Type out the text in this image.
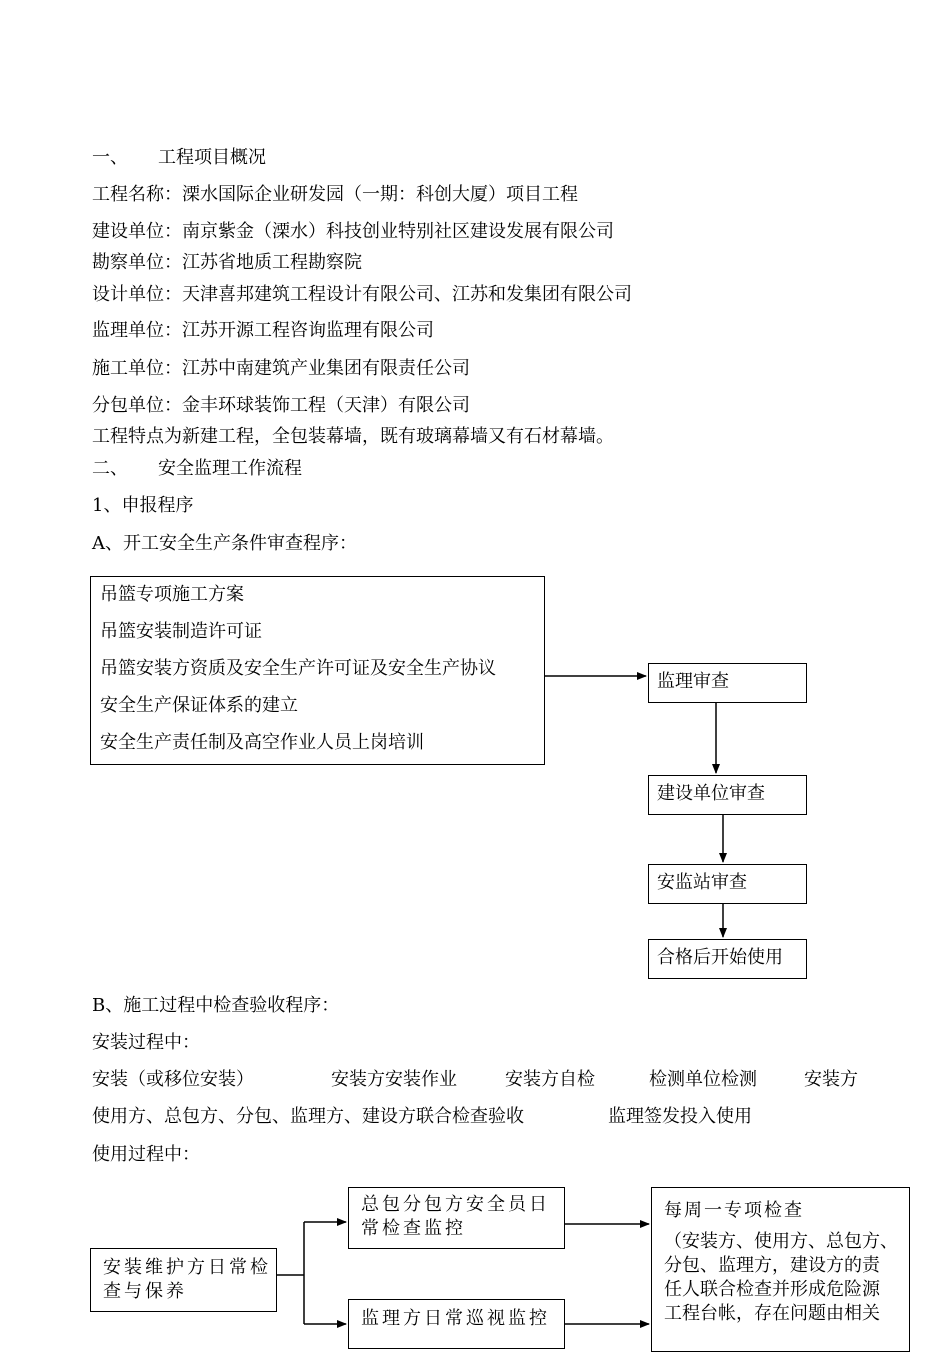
一、 工程项目概况
工程名称：溧水国际企业研发园（一期：科创大厦）项目工程
建设单位：南京紫金（溧水）科技创业特别社区建设发展有限公司
勘察单位：江苏省地质工程勘察院
设计单位：天津喜邦建筑工程设计有限公司、江苏和发集团有限公司
监理单位：江苏开源工程咨询监理有限公司
施工单位：江苏中南建筑产业集团有限责任公司
分包单位：金丰环球装饰工程（天津）有限公司
工程特点为新建工程，全包装幕墙，既有玻璃幕墙又有石材幕墙。
二、 安全监理工作流程
1、申报程序
A、开工安全生产条件审查程序：
吊篮专项施工方案
吊篮安装制造许可证
吊篮安装方资质及安全生产许可证及安全生产协议
安全生产保证体系的建立
安全生产责任制及高空作业人员上岗培训
监理审查
建设单位审查
安监站审查
合格后开始使用
B、施工过程中检查验收程序：
安装过程中：
安装（或移位安装）	安装方安装作业	安装方自检	检测单位检测	安装方
使用方、总包方、分包、监理方、建设方联合检查验收	监理签发投入使用
使用过程中：
安装维护方日常检
查与保养
总包分包方安全员日
常检查监控
监理方日常巡视监控
每周一专项检查
（安装方、使用方、总包方、
分包、监理方，建设方的责
任人联合检查并形成危险源
工程台帐，存在问题由相关
